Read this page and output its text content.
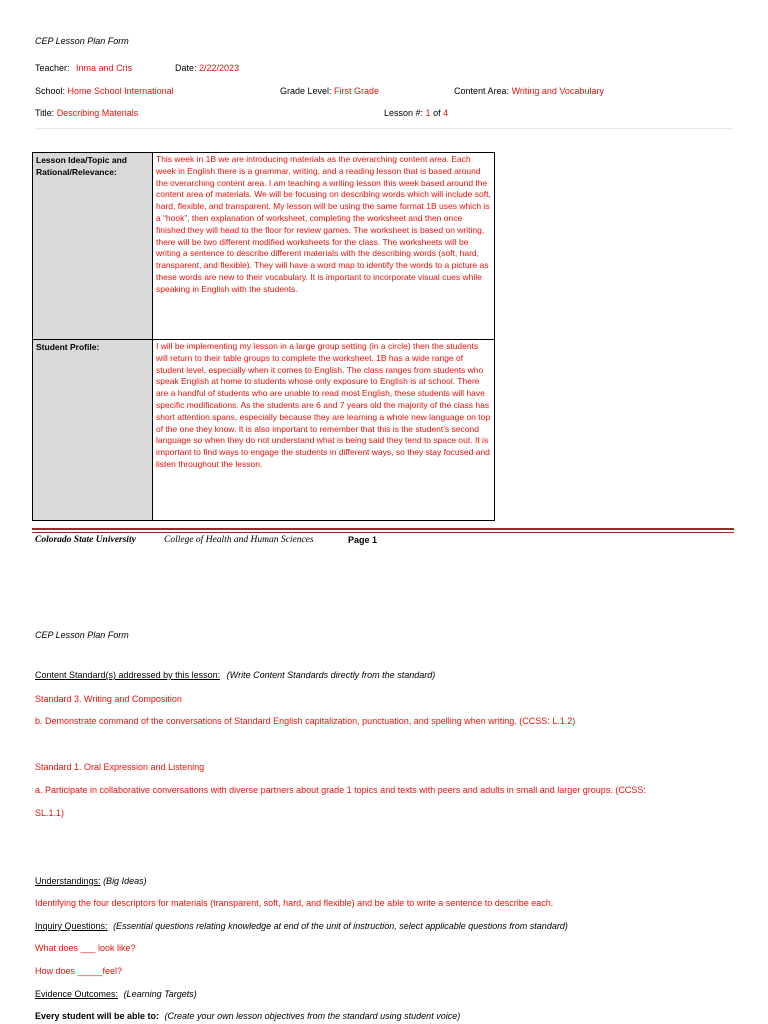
CEP Lesson Plan Form
Teacher: Inma and Cris	Date: 2/22/2023
School: Home School International	Grade Level: First Grade	Content Area: Writing and Vocabulary
Title: Describing Materials	Lesson #: 1 of 4
Lesson Idea/Topic and Rational/Relevance:	This week in 1B we are introducing materials as the overarching content area. Each week in English there is a grammar, writing, and a reading lesson that is based around the overarching content area. I am teaching a writing lesson this week based around the content area of materials. We will be focusing on describing words which will include soft, hard, flexible, and transparent. My lesson will be using the same format 1B uses which is a “hook”, then explanation of worksheet, completing the worksheet and then once finished they will head to the floor for review games. The worksheet is based on writing, there will be two different modified worksheets for the class. The worksheets will be writing a sentence to describe different materials with the describing words (soft, hard, transparent, and flexible). They will have a word map to identify the words to a picture as these words are new to their vocabulary. It is important to incorporate visual cues while speaking in English with the students.
Student Profile:	I will be implementing my lesson in a large group setting (in a circle) then the students will return to their table groups to complete the worksheet. 1B has a wide range of student level, especially when it comes to English. The class ranges from students who speak English at home to students whose only exposure to English is at school. There are a handful of students who are unable to read most English, these students will have specific modifications. As the students are 6 and 7 years old the majority of the class has short attention spans, especially because they are learning a whole new language on top of the one they know. It is also important to remember that this is the student’s second language so when they do not understand what is being said they tend to space out. It is important to find ways to engage the students in different ways, so they stay focused and listen throughout the lesson.
Colorado State University	College of Health and Human Sciences	Page 1
CEP Lesson Plan Form
Content Standard(s) addressed by this lesson: (Write Content Standards directly from the standard)
Standard 3. Writing and Composition
b. Demonstrate command of the conversations of Standard English capitalization, punctuation, and spelling when writing. (CCSS: L.1.2)
Standard 1. Oral Expression and Listening
a. Participate in collaborative conversations with diverse partners about grade 1 topics and texts with peers and adults in small and larger groups. (CCSS:
SL.1.1)
Understandings: (Big Ideas)
Identifying the four descriptors for materials (transparent, soft, hard, and flexible) and be able to write a sentence to describe each.
Inquiry Questions: (Essential questions relating knowledge at end of the unit of instruction, select applicable questions from standard)
What does ___ look like?
How does _____feel?
Evidence Outcomes: (Learning Targets)
Every student will be able to: (Create your own lesson objectives from the standard using student voice)
